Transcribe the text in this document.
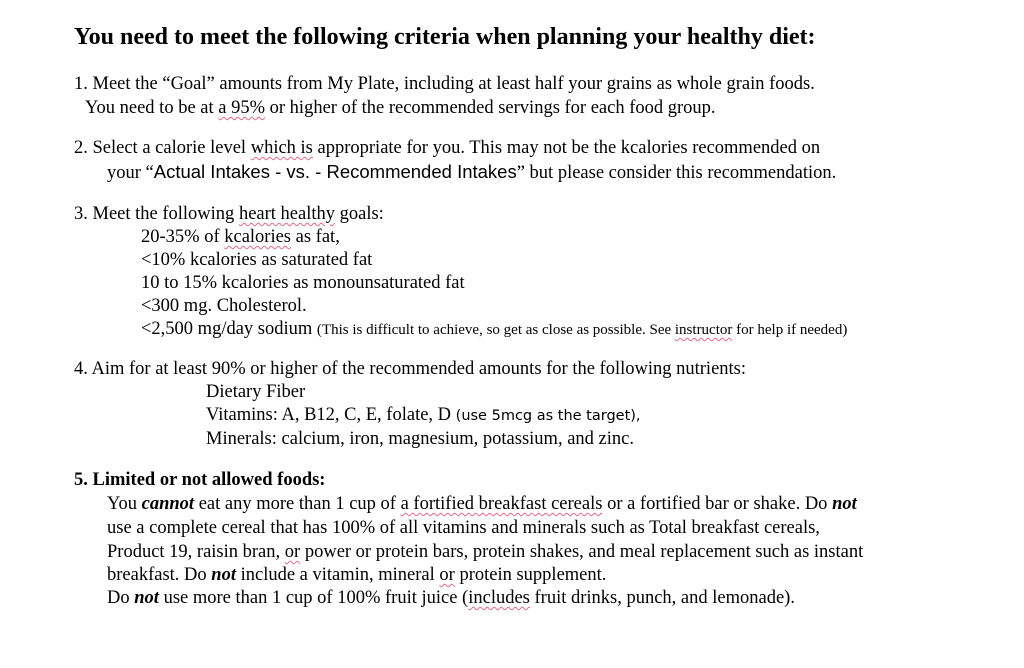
You need to meet the following criteria when planning your healthy diet:
1. Meet the “Goal” amounts from My Plate, including at least half your grains as whole grain foods.
You need to be at a 95% or higher of the recommended servings for each food group.
2. Select a calorie level which is appropriate for you. This may not be the kcalories recommended on
your “Actual Intakes - vs. - Recommended Intakes” but please consider this recommendation.
3. Meet the following heart healthy goals:
20-35% of kcalories as fat,
<10% kcalories as saturated fat
10 to 15% kcalories as monounsaturated fat
<300 mg. Cholesterol.
<2,500 mg/day sodium (This is difficult to achieve, so get as close as possible. See instructor for help if needed)
4. Aim for at least 90% or higher of the recommended amounts for the following nutrients:
Dietary Fiber
Vitamins: A, B12, C, E, folate, D (use 5mcg as the target),
Minerals: calcium, iron, magnesium, potassium, and zinc.
5. Limited or not allowed foods:
You cannot eat any more than 1 cup of a fortified breakfast cereals or a fortified bar or shake. Do not
use a complete cereal that has 100% of all vitamins and minerals such as Total breakfast cereals,
Product 19, raisin bran, or power or protein bars, protein shakes, and meal replacement such as instant
breakfast. Do not include a vitamin, mineral or protein supplement.
Do not use more than 1 cup of 100% fruit juice (includes fruit drinks, punch, and lemonade).
